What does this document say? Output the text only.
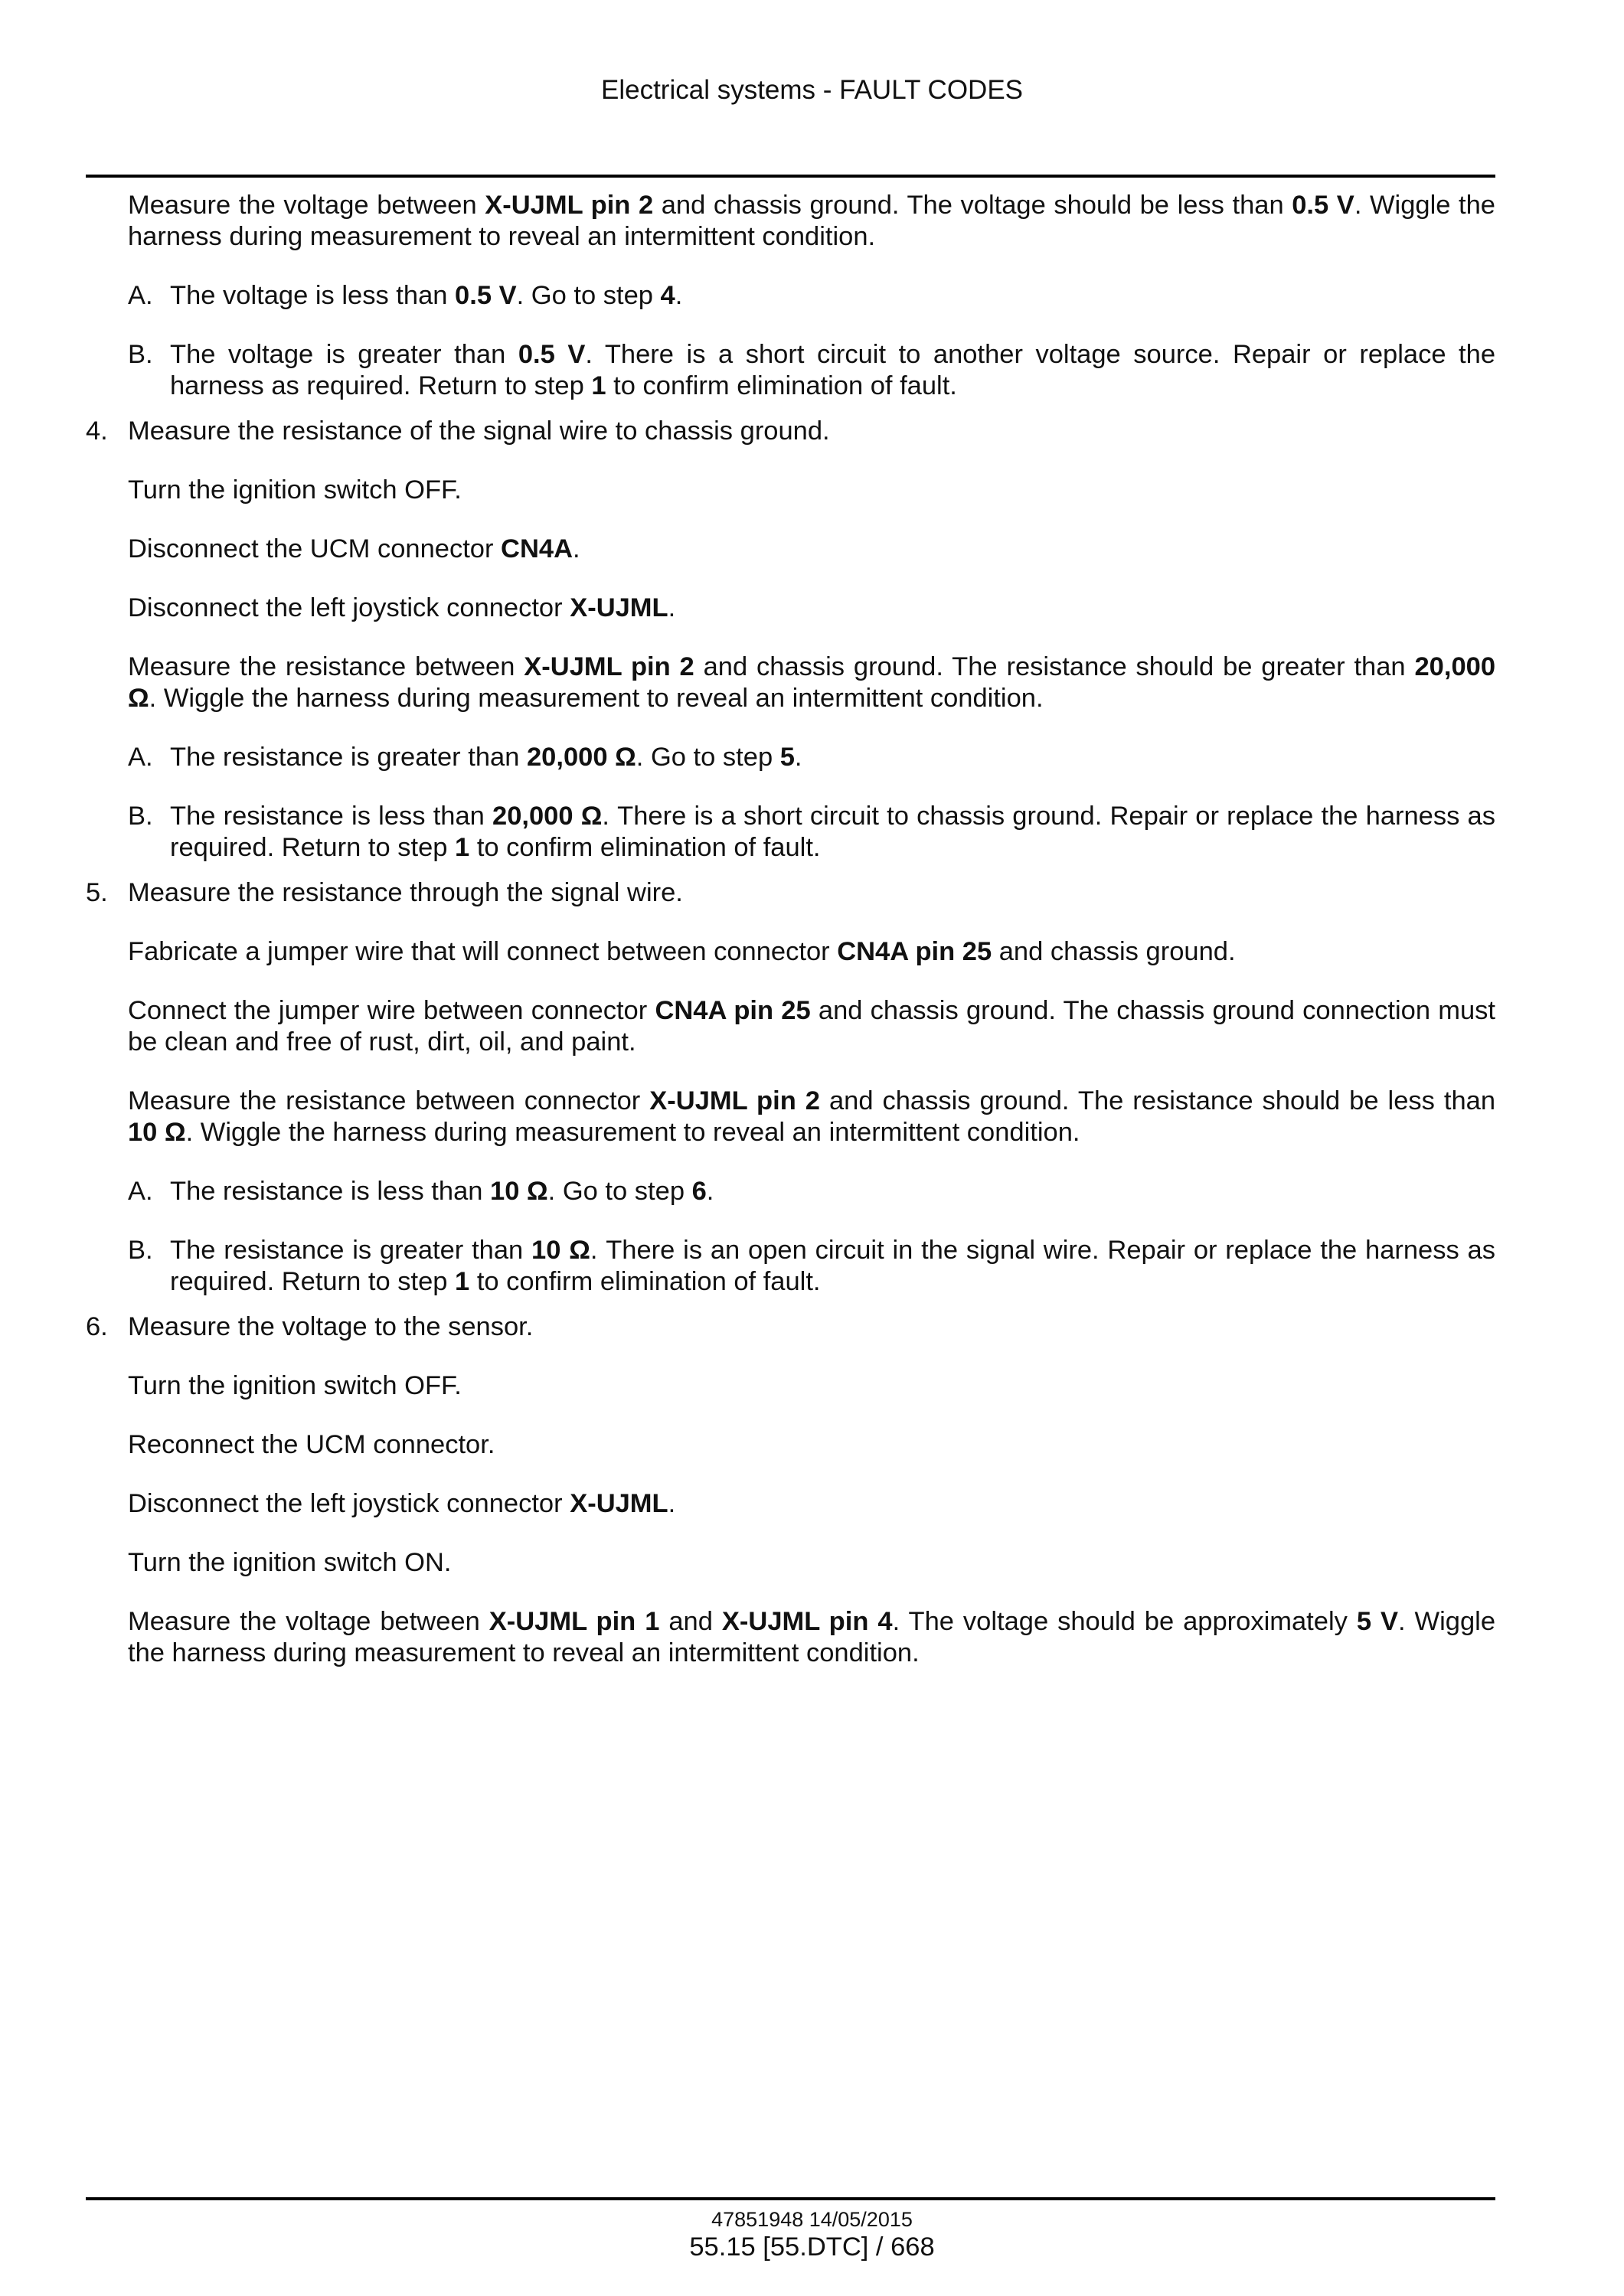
Electrical systems - FAULT CODES

Measure the voltage between X-UJML pin 2 and chassis ground. The voltage should be less than 0.5 V. Wiggle the harness during measurement to reveal an intermittent condition.

A. The voltage is less than 0.5 V. Go to step 4.

B. The voltage is greater than 0.5 V. There is a short circuit to another voltage source. Repair or replace the harness as required. Return to step 1 to confirm elimination of fault.

4. Measure the resistance of the signal wire to chassis ground.

Turn the ignition switch OFF.

Disconnect the UCM connector CN4A.

Disconnect the left joystick connector X-UJML.

Measure the resistance between X-UJML pin 2 and chassis ground. The resistance should be greater than 20,000 Ω. Wiggle the harness during measurement to reveal an intermittent condition.

A. The resistance is greater than 20,000 Ω. Go to step 5.

B. The resistance is less than 20,000 Ω. There is a short circuit to chassis ground. Repair or replace the harness as required. Return to step 1 to confirm elimination of fault.

5. Measure the resistance through the signal wire.

Fabricate a jumper wire that will connect between connector CN4A pin 25 and chassis ground.

Connect the jumper wire between connector CN4A pin 25 and chassis ground. The chassis ground connection must be clean and free of rust, dirt, oil, and paint.

Measure the resistance between connector X-UJML pin 2 and chassis ground. The resistance should be less than 10 Ω. Wiggle the harness during measurement to reveal an intermittent condition.

A. The resistance is less than 10 Ω. Go to step 6.

B. The resistance is greater than 10 Ω. There is an open circuit in the signal wire. Repair or replace the harness as required. Return to step 1 to confirm elimination of fault.

6. Measure the voltage to the sensor.

Turn the ignition switch OFF.

Reconnect the UCM connector.

Disconnect the left joystick connector X-UJML.

Turn the ignition switch ON.

Measure the voltage between X-UJML pin 1 and X-UJML pin 4. The voltage should be approximately 5 V. Wiggle the harness during measurement to reveal an intermittent condition.

47851948 14/05/2015

55.15 [55.DTC] / 668
